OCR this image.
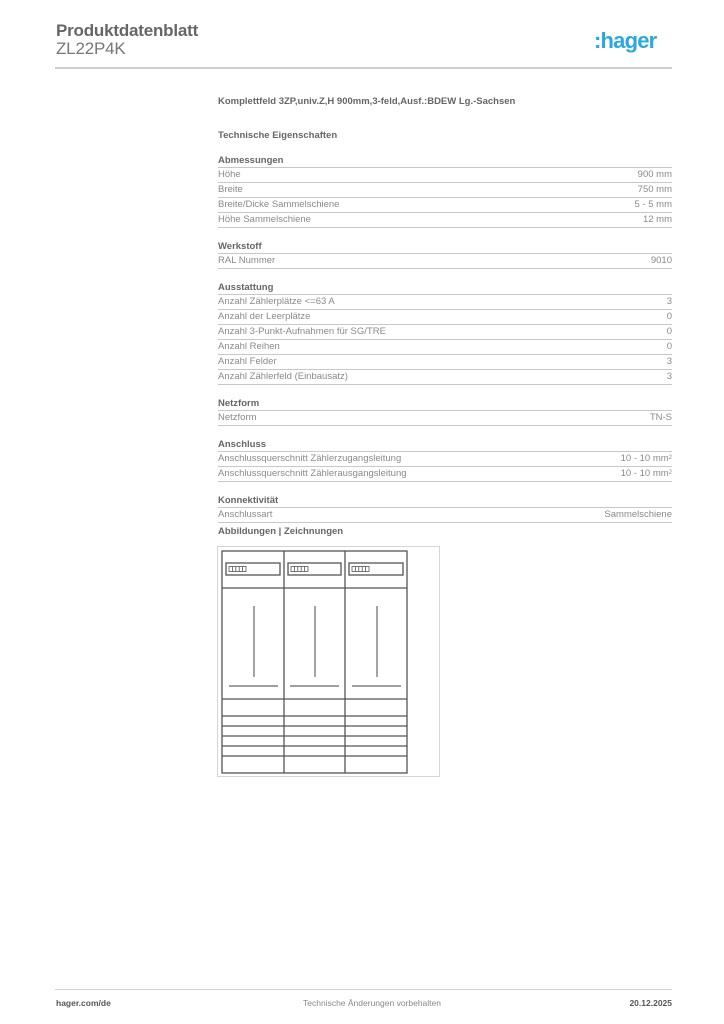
Produktdatenblatt
ZL22P4K	:hager
Komplettfeld 3ZP,univ.Z,H 900mm,3-feld,Ausf.:BDEW Lg.-Sachsen
Technische Eigenschaften
Abmessungen
Höhe	900 mm
Breite	750 mm
Breite/Dicke Sammelschiene	5 - 5 mm
Höhe Sammelschiene	12 mm
Werkstoff
RAL Nummer	9010
Ausstattung
Anzahl Zählerplätze <=63 A	3
Anzahl der Leerplätze	0
Anzahl 3-Punkt-Aufnahmen für SG/TRE	0
Anzahl Reihen	0
Anzahl Felder	3
Anzahl Zählerfeld (Einbausatz)	3
Netzform
Netzform	TN-S
Anschluss
Anschlussquerschnitt Zählerzugangsleitung	10 - 10 $mm^2$
Anschlussquerschnitt Zählerausgangsleitung	10 - 10 $mm^2$
Konnektivität
Anschlussart	Sammelschiene
Abbildungen | Zeichnungen
hager.com/de	Technische Änderungen vorbehalten	20.12.2025
